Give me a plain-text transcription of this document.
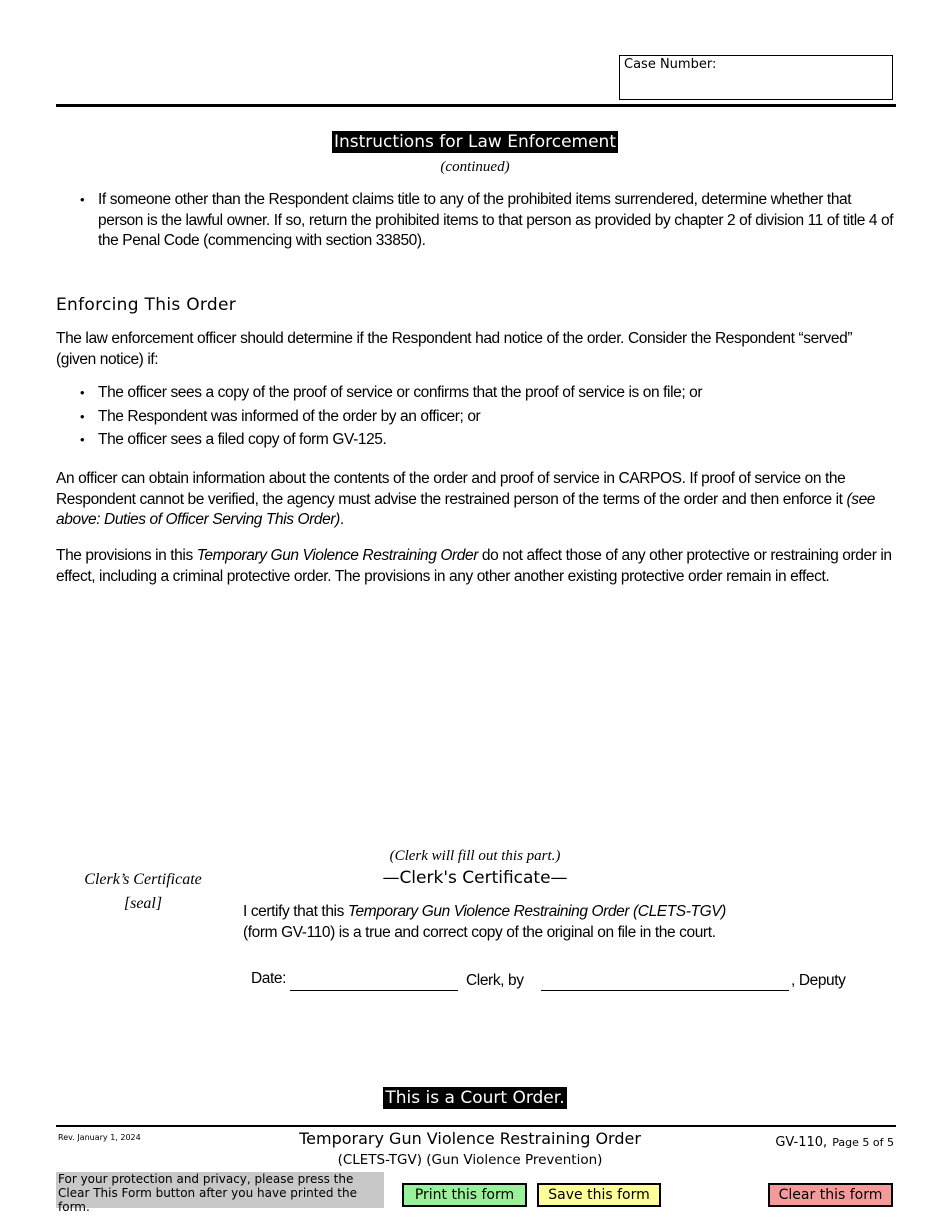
Case Number:
Instructions for Law Enforcement
(continued)
• If someone other than the Respondent claims title to any of the prohibited items surrendered, determine whether that person is the lawful owner. If so, return the prohibited items to that person as provided by chapter 2 of division 11 of title 4 of the Penal Code (commencing with section 33850).
Enforcing This Order
The law enforcement officer should determine if the Respondent had notice of the order. Consider the Respondent “served” (given notice) if:
• The officer sees a copy of the proof of service or confirms that the proof of service is on file; or
• The Respondent was informed of the order by an officer; or
• The officer sees a filed copy of form GV-125.
An officer can obtain information about the contents of the order and proof of service in CARPOS. If proof of service on the Respondent cannot be verified, the agency must advise the restrained person of the terms of the order and then enforce it (see above: Duties of Officer Serving This Order).
The provisions in this Temporary Gun Violence Restraining Order do not affect those of any other protective or restraining order in effect, including a criminal protective order. The provisions in any other another existing protective order remain in effect.
Clerk’s Certificate
[seal]
(Clerk will fill out this part.)
—Clerk's Certificate—
I certify that this Temporary Gun Violence Restraining Order (CLETS-TGV)
(form GV-110) is a true and correct copy of the original on file in the court.
Date:	Clerk, by	, Deputy
This is a Court Order.
Rev. January 1, 2024	Temporary Gun Violence Restraining Order
(CLETS-TGV) (Gun Violence Prevention)
GV-110, Page 5 of 5
For your protection and privacy, please press the Clear This Form button after you have printed the form.
Print this form	Save this form	Clear this form
